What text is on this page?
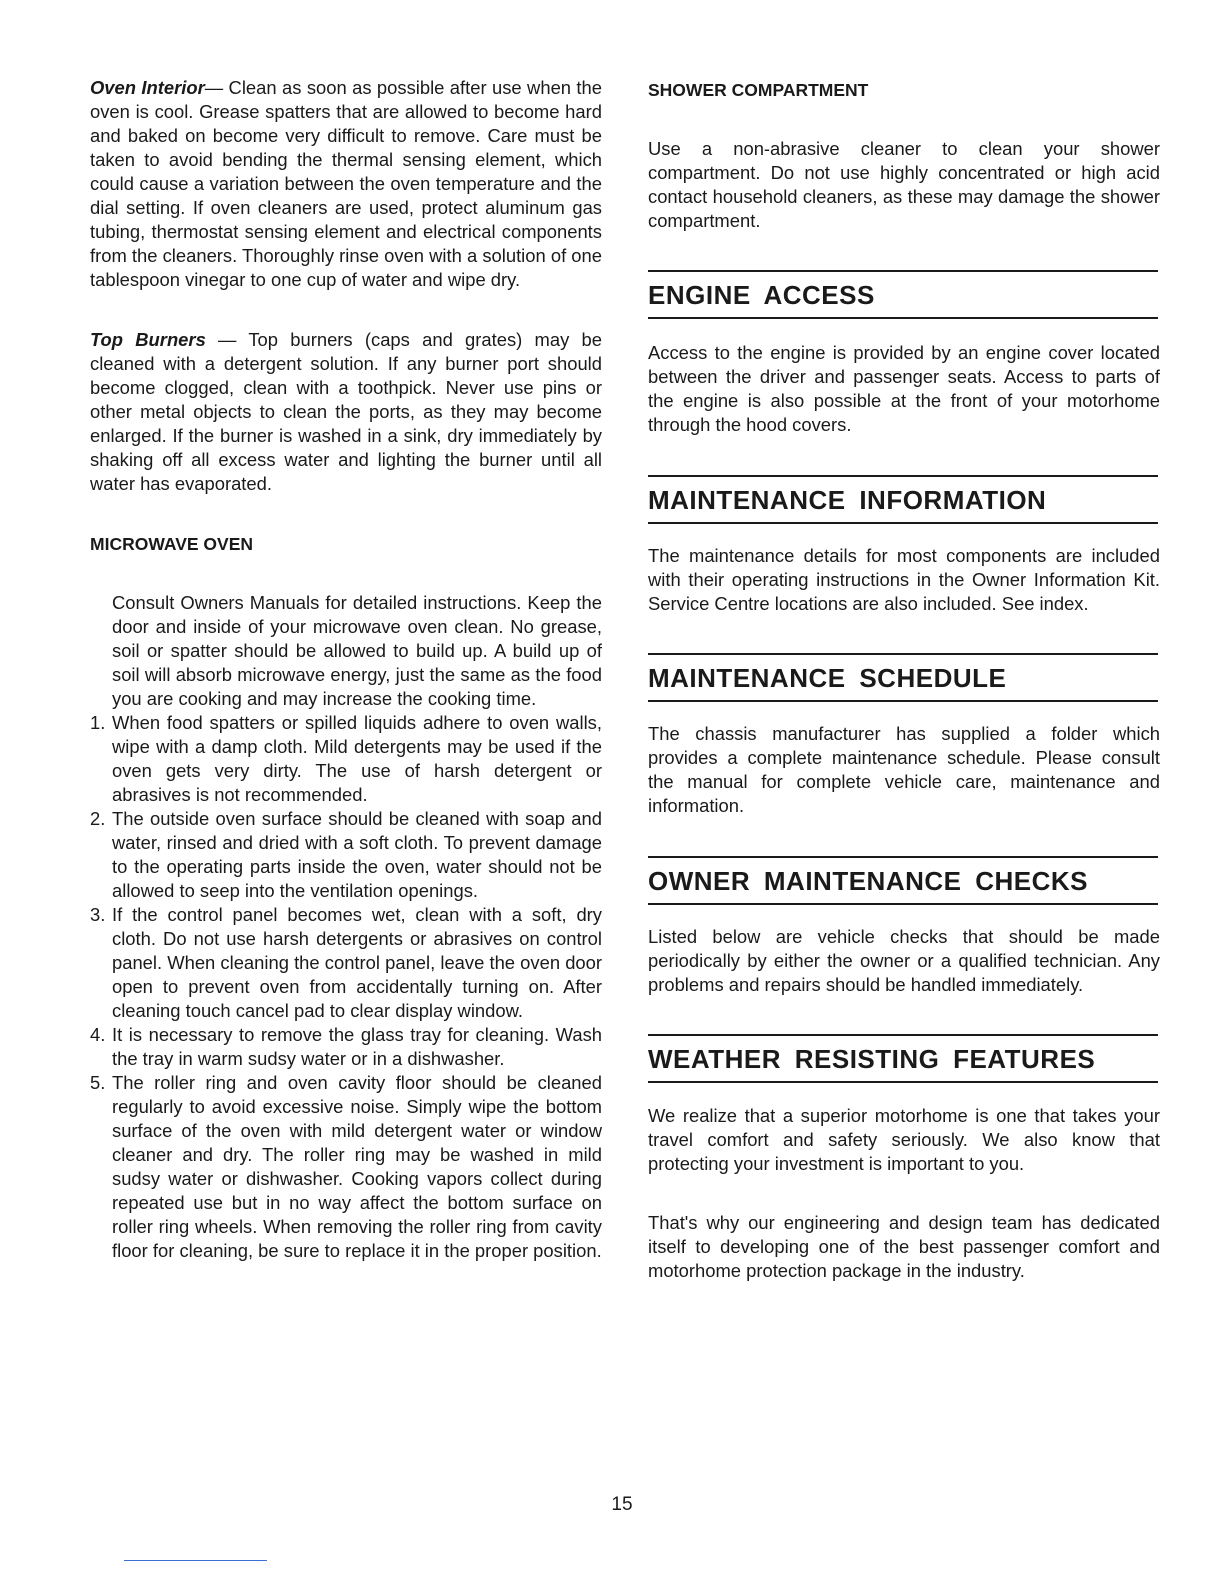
Oven Interior— Clean as soon as possible after use when the oven is cool. Grease spatters that are allowed to become hard and baked on become very difficult to remove. Care must be taken to avoid bending the thermal sensing element, which could cause a variation between the oven temperature and the dial setting. If oven cleaners are used, protect aluminum gas tubing, thermostat sensing element and electrical components from the cleaners. Thoroughly rinse oven with a solution of one tablespoon vinegar to one cup of water and wipe dry.

Top Burners — Top burners (caps and grates) may be cleaned with a detergent solution. If any burner port should become clogged, clean with a toothpick. Never use pins or other metal objects to clean the ports, as they may become enlarged. If the burner is washed in a sink, dry immediately by shaking off all excess water and lighting the burner until all water has evaporated.

MICROWAVE OVEN

Consult Owners Manuals for detailed instructions. Keep the door and inside of your microwave oven clean. No grease, soil or spatter should be allowed to build up. A build up of soil will absorb microwave energy, just the same as the food you are cooking and may increase the cooking time.

1. When food spatters or spilled liquids adhere to oven walls, wipe with a damp cloth. Mild detergents may be used if the oven gets very dirty. The use of harsh detergent or abrasives is not recommended.
2. The outside oven surface should be cleaned with soap and water, rinsed and dried with a soft cloth. To prevent damage to the operating parts inside the oven, water should not be allowed to seep into the ventilation openings.
3. If the control panel becomes wet, clean with a soft, dry cloth. Do not use harsh detergents or abrasives on control panel. When cleaning the control panel, leave the oven door open to prevent oven from accidentally turning on. After cleaning touch cancel pad to clear display window.
4. It is necessary to remove the glass tray for cleaning. Wash the tray in warm sudsy water or in a dishwasher.
5. The roller ring and oven cavity floor should be cleaned regularly to avoid excessive noise. Simply wipe the bottom surface of the oven with mild detergent water or window cleaner and dry. The roller ring may be washed in mild sudsy water or dishwasher. Cooking vapors collect during repeated use but in no way affect the bottom surface on roller ring wheels. When removing the roller ring from cavity floor for cleaning, be sure to replace it in the proper position.
SHOWER COMPARTMENT

Use a non-abrasive cleaner to clean your shower compartment. Do not use highly concentrated or high acid contact household cleaners, as these may damage the shower compartment.

ENGINE ACCESS

Access to the engine is provided by an engine cover located between the driver and passenger seats. Access to parts of the engine is also possible at the front of your motorhome through the hood covers.

MAINTENANCE INFORMATION

The maintenance details for most components are included with their operating instructions in the Owner Information Kit. Service Centre locations are also included. See index.

MAINTENANCE SCHEDULE

The chassis manufacturer has supplied a folder which provides a complete maintenance schedule. Please consult the manual for complete vehicle care, maintenance and information.

OWNER MAINTENANCE CHECKS

Listed below are vehicle checks that should be made periodically by either the owner or a qualified technician. Any problems and repairs should be handled immediately.

WEATHER RESISTING FEATURES

We realize that a superior motorhome is one that takes your travel comfort and safety seriously. We also know that protecting your investment is important to you.

That's why our engineering and design team has dedicated itself to developing one of the best passenger comfort and motorhome protection package in the industry.

15
